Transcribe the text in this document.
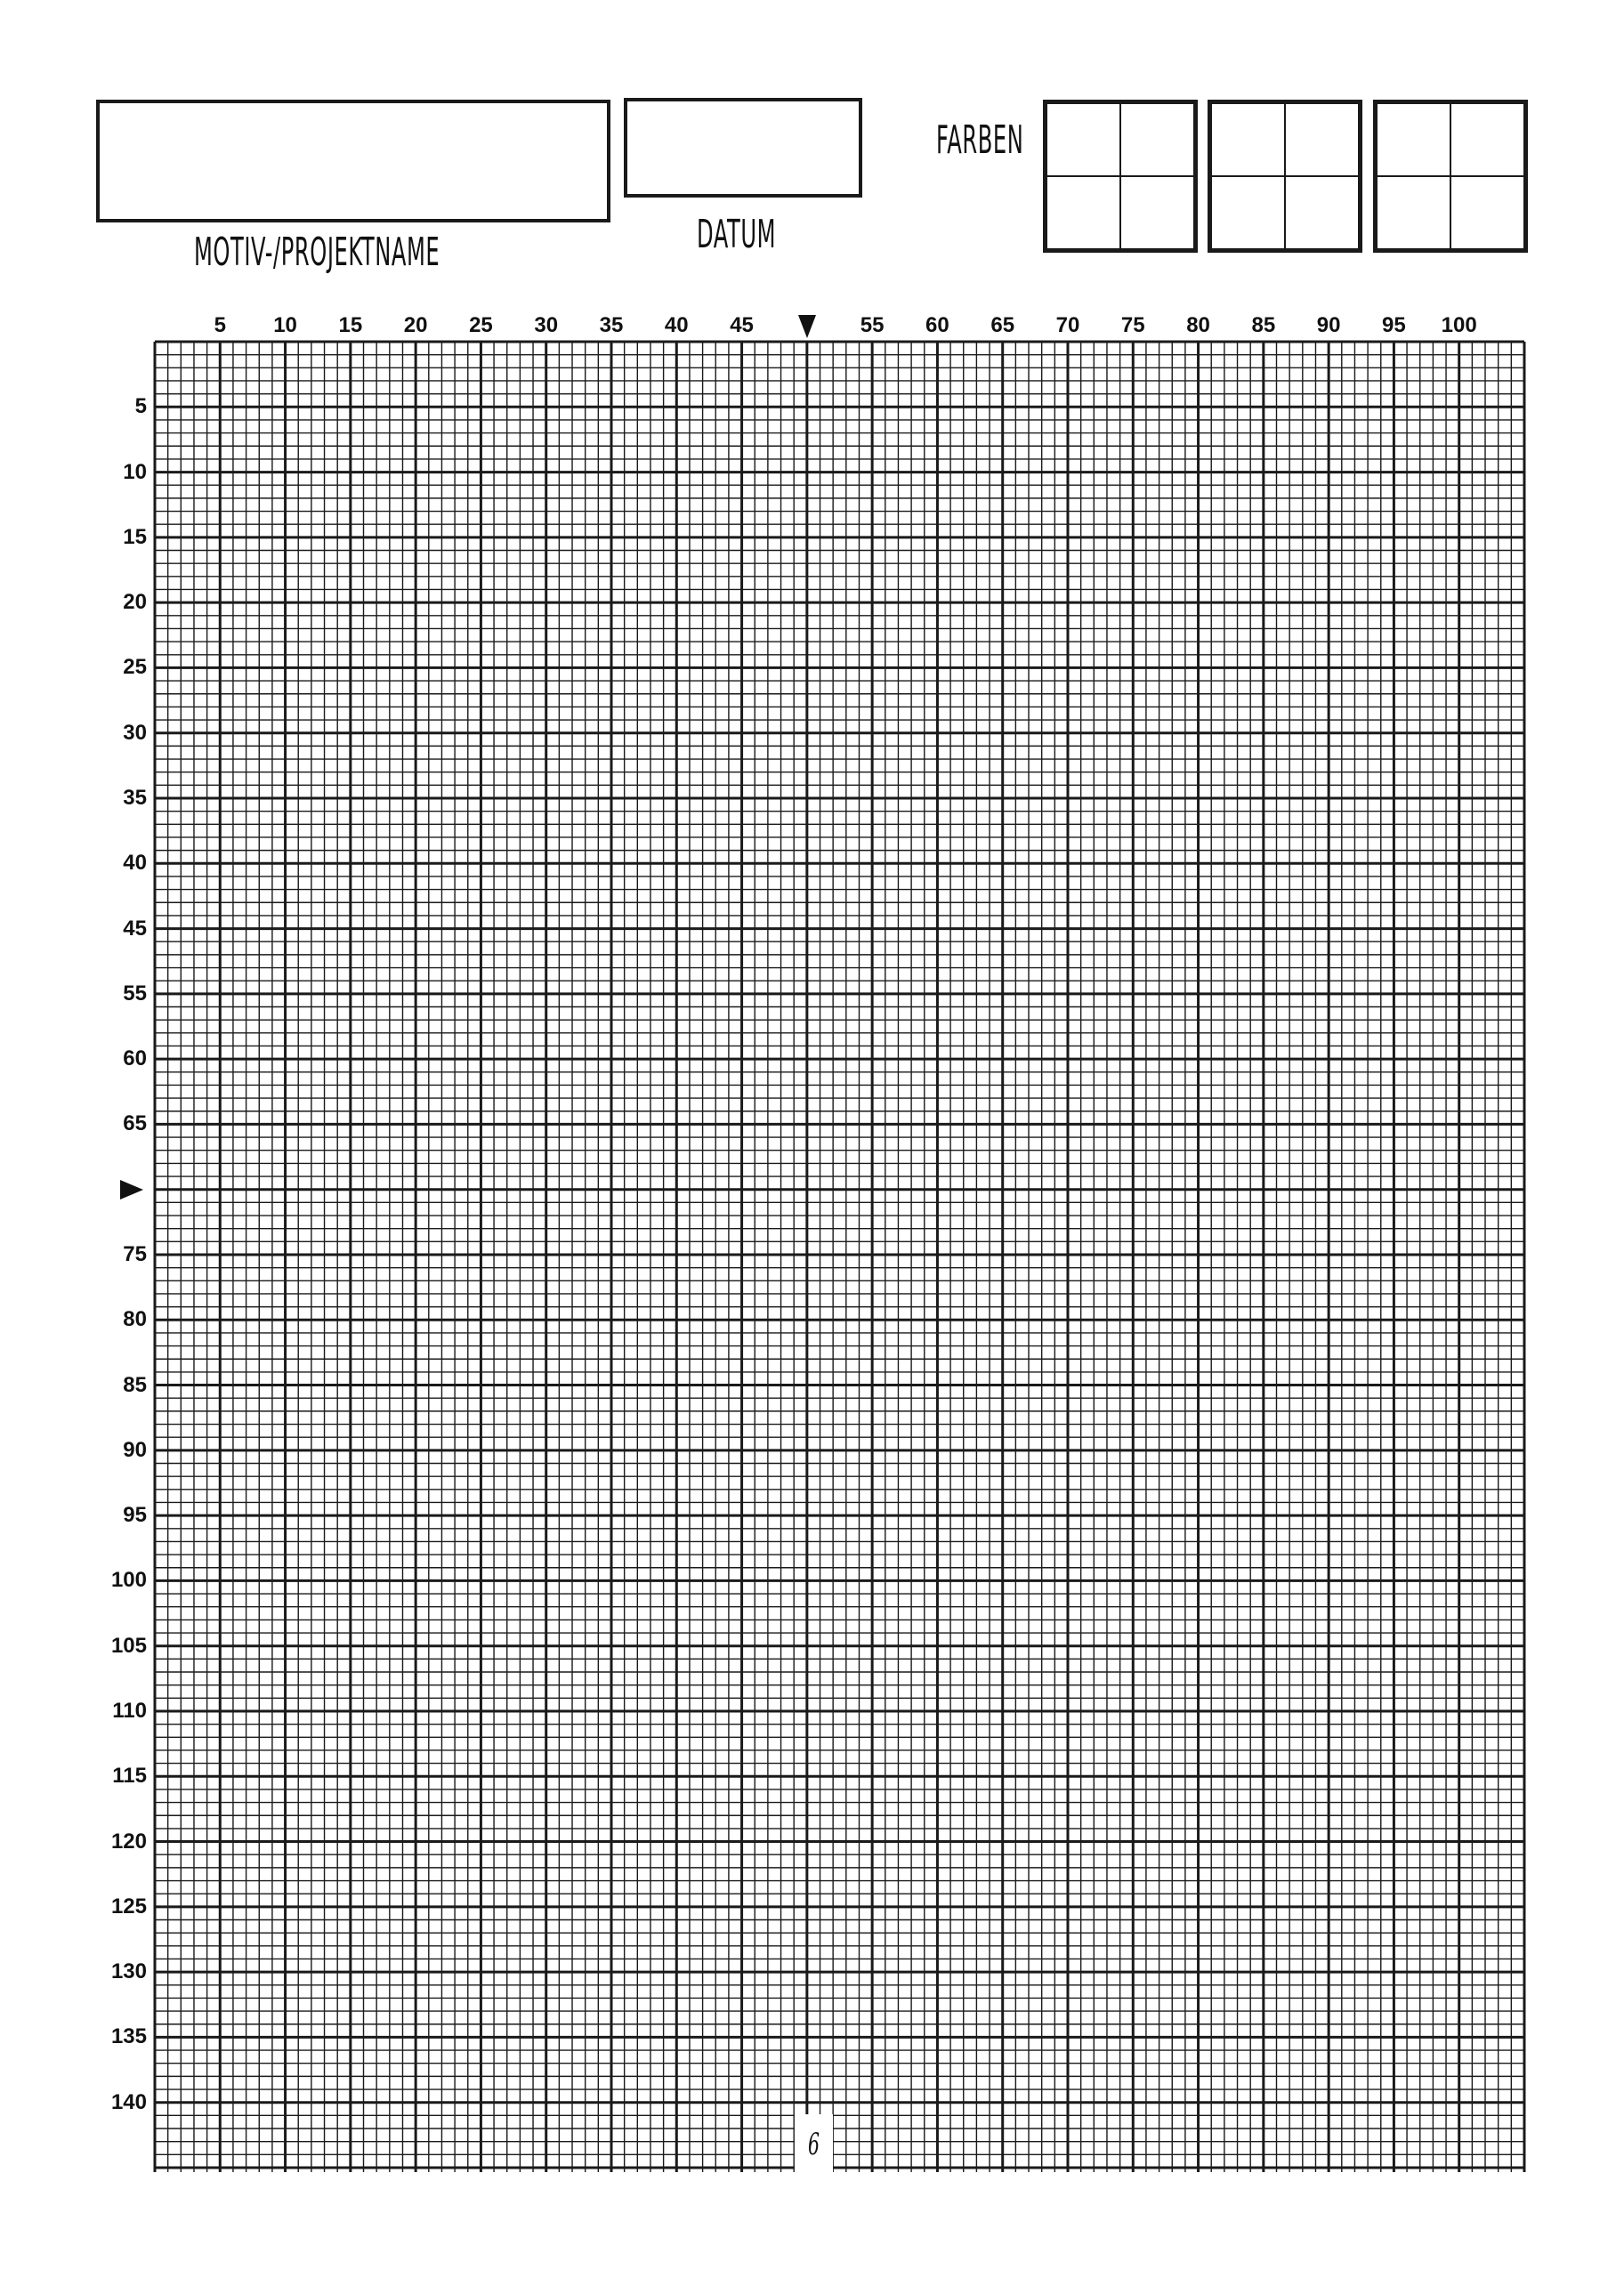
MOTIV-/PROJEKTNAME	DATUM
FARBEN
5 10 15 20 25 30 35 40 45	55 60 65 70 75 80 85 90 95 100
5
10
15
20
25
30
35
40
45
55
60
65
75
80
85
90
95
100
105
110
115
120
125
130
135
140
6
